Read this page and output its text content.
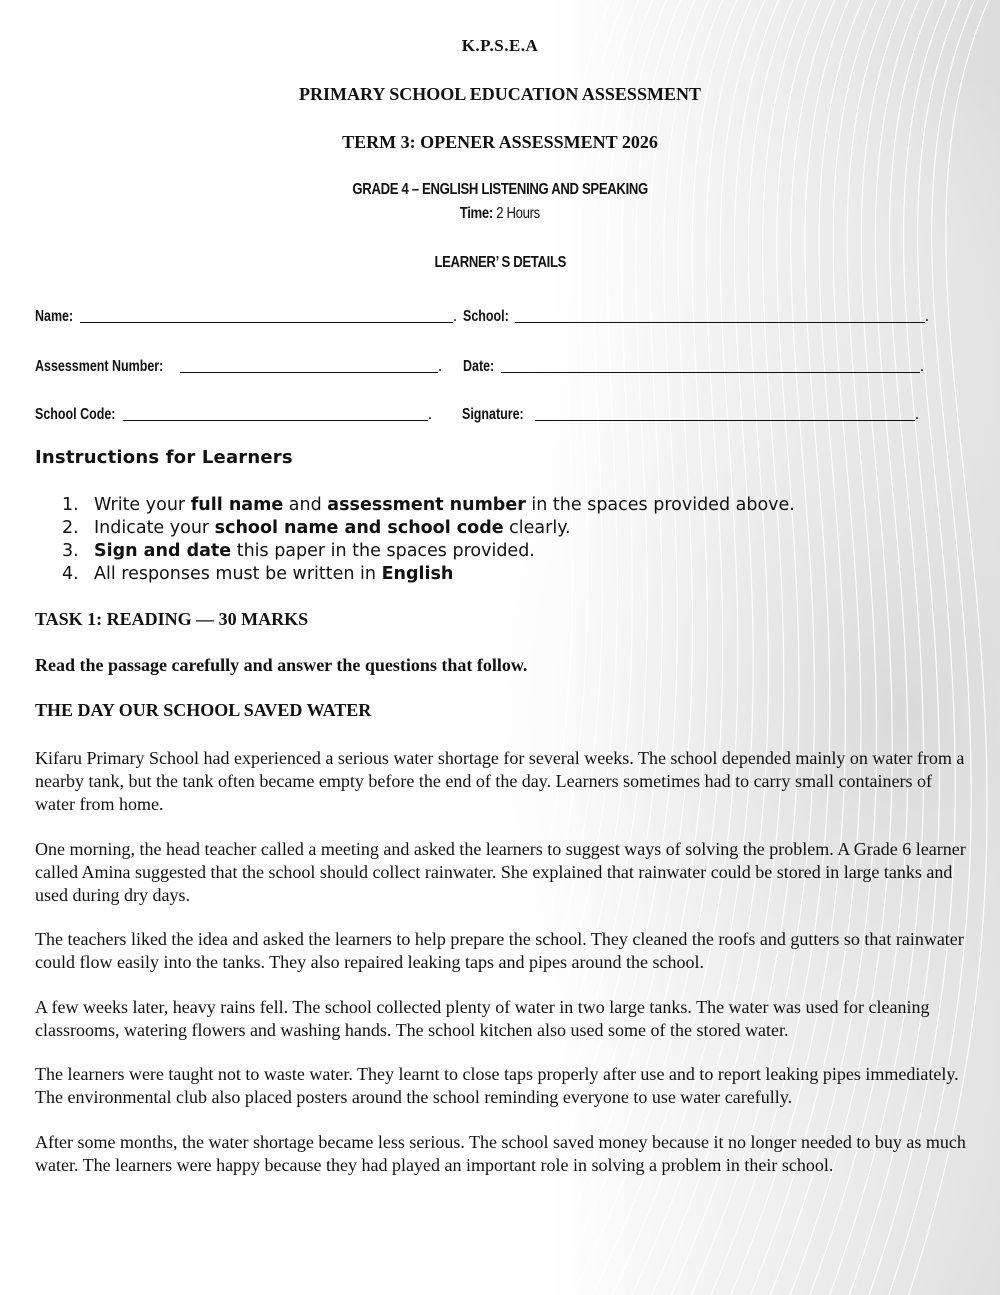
K.P.S.E.A
PRIMARY SCHOOL EDUCATION ASSESSMENT
TERM 3: OPENER ASSESSMENT 2026
GRADE 4 – ENGLISH LISTENING AND SPEAKING
Time: 2 Hours
LEARNER’ S DETAILS
Name:	. School:	.
Assessment Number:	. Date:	.
School Code:	. Signature:	.
Instructions for Learners
1. Write your full name and assessment number in the spaces provided above.
2. Indicate your school name and school code clearly.
3. Sign and date this paper in the spaces provided.
4. All responses must be written in English
TASK 1: READING — 30 MARKS
Read the passage carefully and answer the questions that follow.
THE DAY OUR SCHOOL SAVED WATER

Kifaru Primary School had experienced a serious water shortage for several weeks. The school depended mainly on water from a nearby tank, but the tank often became empty before the end of the day. Learners sometimes had to carry small containers of water from home.

One morning, the head teacher called a meeting and asked the learners to suggest ways of solving the problem. A Grade 6 learner called Amina suggested that the school should collect rainwater. She explained that rainwater could be stored in large tanks and used during dry days.

The teachers liked the idea and asked the learners to help prepare the school. They cleaned the roofs and gutters so that rainwater could flow easily into the tanks. They also repaired leaking taps and pipes around the school.

A few weeks later, heavy rains fell. The school collected plenty of water in two large tanks. The water was used for cleaning classrooms, watering flowers and washing hands. The school kitchen also used some of the stored water.

The learners were taught not to waste water. They learnt to close taps properly after use and to report leaking pipes immediately. The environmental club also placed posters around the school reminding everyone to use water carefully.

After some months, the water shortage became less serious. The school saved money because it no longer needed to buy as much water. The learners were happy because they had played an important role in solving a problem in their school.
